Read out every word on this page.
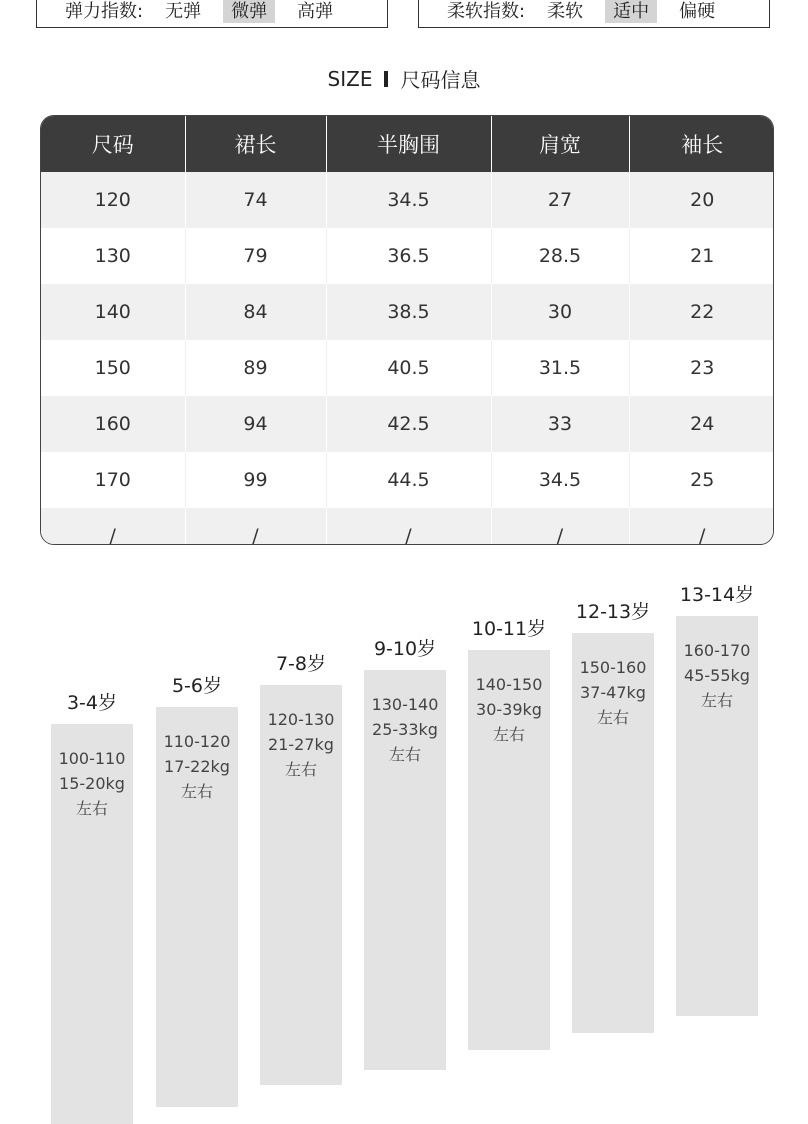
弹力指数: 无弹	微弹	高弹	柔软指数: 柔软	适中	偏硬
SIZE 尺码信息
尺码	裙长	半胸围	肩宽	袖长
120	74	34.5	27	20
130	79	36.5	28.5	21
140	84	38.5	30	22
150	89	40.5	31.5	23
160	94	42.5	33	24
170	99	44.5	34.5	25
/	/	/	/	/
3-4岁
100-110
15-20kg
左右
5-6岁
110-120
17-22kg
左右
7-8岁
120-130
21-27kg
左右
9-10岁
130-140
25-33kg
左右
10-11岁
140-150
30-39kg
左右
12-13岁
150-160
37-47kg
左右
13-14岁
160-170
45-55kg
左右
